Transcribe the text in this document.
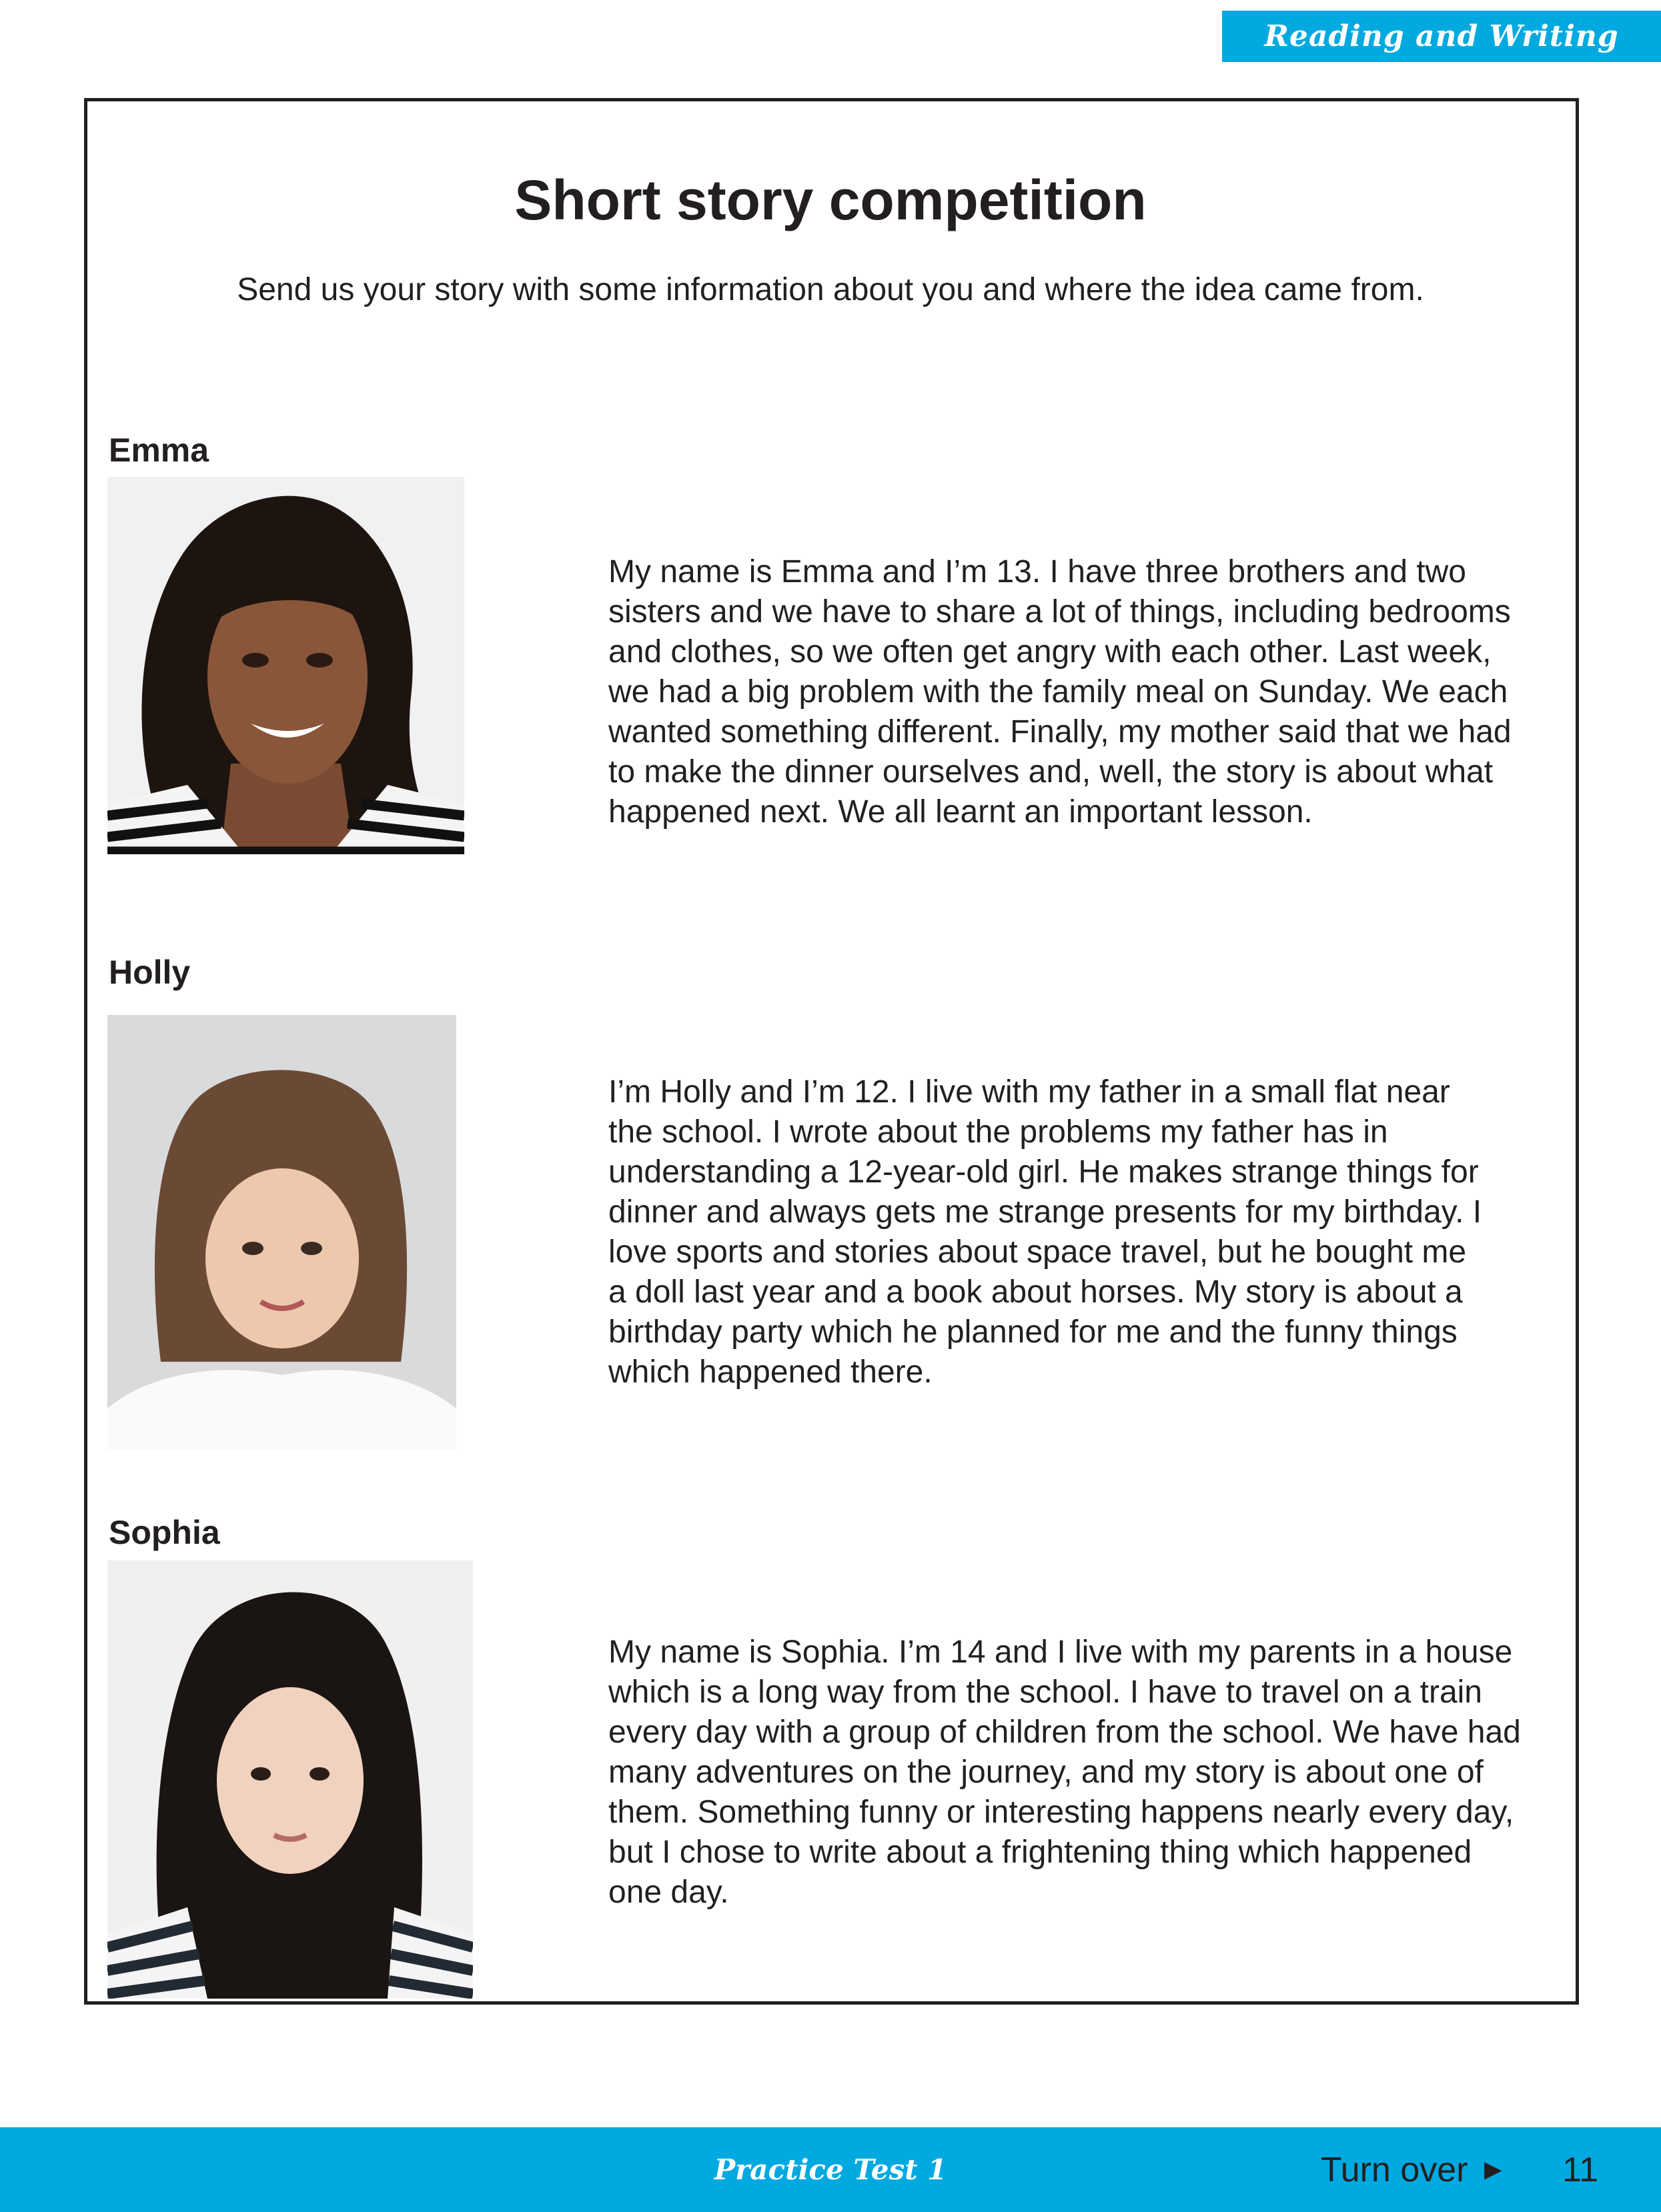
Reading and Writing
Short story competition
Send us your story with some information about you and where the idea came from.
Emma
My name is Emma and I’m 13. I have three brothers and two
sisters and we have to share a lot of things, including bedrooms
and clothes, so we often get angry with each other. Last week,
we had a big problem with the family meal on Sunday. We each
wanted something different. Finally, my mother said that we had
to make the dinner ourselves and, well, the story is about what
happened next. We all learnt an important lesson.
Holly
I’m Holly and I’m 12. I live with my father in a small flat near
the school. I wrote about the problems my father has in
understanding a 12-year-old girl. He makes strange things for
dinner and always gets me strange presents for my birthday. I
love sports and stories about space travel, but he bought me
a doll last year and a book about horses. My story is about a
birthday party which he planned for me and the funny things
which happened there.
Sophia
My name is Sophia. I’m 14 and I live with my parents in a house
which is a long way from the school. I have to travel on a train
every day with a group of children from the school. We have had
many adventures on the journey, and my story is about one of
them. Something funny or interesting happens nearly every day,
but I chose to write about a frightening thing which happened
one day.
Practice Test 1	Turn over ► 11
